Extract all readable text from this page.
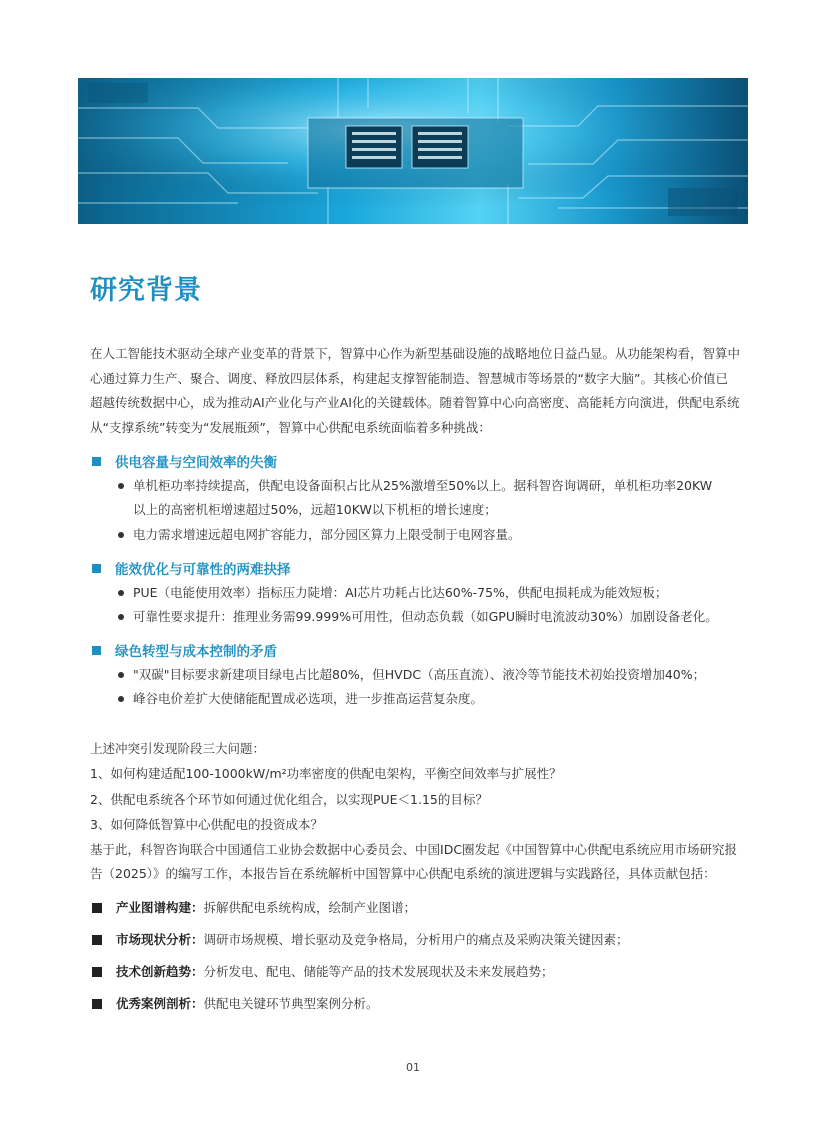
研究背景
在人工智能技术驱动全球产业变革的背景下，智算中心作为新型基础设施的战略地位日益凸显。从功能架构看，智算中心通过算力生产、聚合、调度、释放四层体系，构建起支撑智能制造、智慧城市等场景的“数字大脑”。其核心价值已超越传统数据中心，成为推动AI产业化与产业AI化的关键载体。随着智算中心向高密度、高能耗方向演进，供配电系统从“支撑系统”转变为“发展瓶颈”，智算中心供配电系统面临着多种挑战：
供电容量与空间效率的失衡
单机柜功率持续提高，供配电设备面积占比从25%激增至50%以上。据科智咨询调研，单机柜功率20KW以上的高密机柜增速超过50%，远超10KW以下机柜的增长速度；
电力需求增速远超电网扩容能力，部分园区算力上限受制于电网容量。
能效优化与可靠性的两难抉择
PUE（电能使用效率）指标压力陡增：AI芯片功耗占比达60%-75%，供配电损耗成为能效短板；
可靠性要求提升：推理业务需99.999%可用性，但动态负载（如GPU瞬时电流波动30%）加剧设备老化。
绿色转型与成本控制的矛盾
"双碳"目标要求新建项目绿电占比超80%，但HVDC（高压直流）、液冷等节能技术初始投资增加40%；
峰谷电价差扩大使储能配置成必选项，进一步推高运营复杂度。
上述冲突引发现阶段三大问题：
1、如何构建适配100-1000kW/m²功率密度的供配电架构，平衡空间效率与扩展性？
2、供配电系统各个环节如何通过优化组合，以实现PUE＜1.15的目标？
3、如何降低智算中心供配电的投资成本？
基于此，科智咨询联合中国通信工业协会数据中心委员会、中国IDC圈发起《中国智算中心供配电系统应用市场研究报告（2025）》的编写工作，本报告旨在系统解析中国智算中心供配电系统的演进逻辑与实践路径，具体贡献包括：
产业图谱构建：拆解供配电系统构成，绘制产业图谱；
市场现状分析：调研市场规模、增长驱动及竞争格局，分析用户的痛点及采购决策关键因素；
技术创新趋势：分析发电、配电、储能等产品的技术发展现状及未来发展趋势；
优秀案例剖析：供配电关键环节典型案例分析。
01
